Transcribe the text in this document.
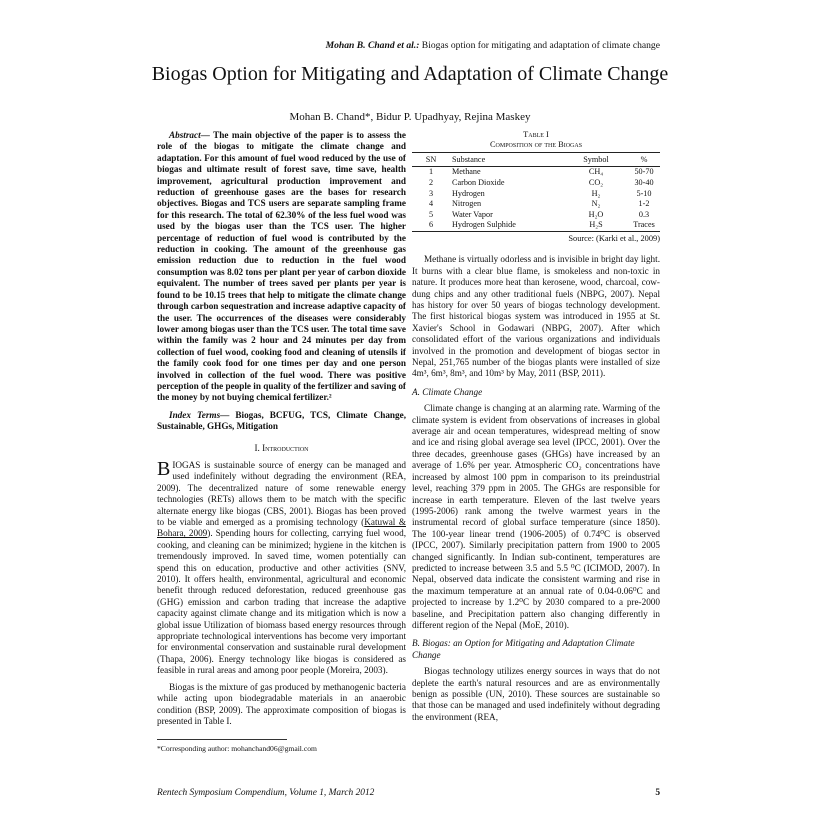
Mohan B. Chand et al.: Biogas option for mitigating and adaptation of climate change
Biogas Option for Mitigating and Adaptation of Climate Change
Mohan B. Chand*, Bidur P. Upadhyay, Rejina Maskey

Abstract— The main objective of the paper is to assess the role of the biogas to mitigate the climate change and adaptation. For this amount of fuel wood reduced by the use of biogas and ultimate result of forest save, time save, health improvement, agricultural production improvement and reduction of greenhouse gases are the bases for research objectives. Biogas and TCS users are separate sampling frame for this research. The total of 62.30% of the less fuel wood was used by the biogas user than the TCS user. The higher percentage of reduction of fuel wood is contributed by the reduction in cooking. The amount of the greenhouse gas emission reduction due to reduction in the fuel wood consumption was 8.02 tons per plant per year of carbon dioxide equivalent. The number of trees saved per plants per year is found to be 10.15 trees that help to mitigate the climate change through carbon sequestration and increase adaptive capacity of the user. The occurrences of the diseases were considerably lower among biogas user than the TCS user. The total time save within the family was 2 hour and 24 minutes per day from collection of fuel wood, cooking food and cleaning of utensils if the family cook food for one times per day and one person involved in collection of the fuel wood. There was positive perception of the people in quality of the fertilizer and saving of the money by not buying chemical fertilizer.²

Index Terms— Biogas, BCFUG, TCS, Climate Change, Sustainable, GHGs, Mitigation

I. Introduction

BIOGAS is sustainable source of energy can be managed and used indefinitely without degrading the environment (REA, 2009). The decentralized nature of some renewable energy technologies (RETs) allows them to be match with the specific alternate energy like biogas (CBS, 2001). Biogas has been proved to be viable and emerged as a promising technology (Katuwal & Bohara, 2009). Spending hours for collecting, carrying fuel wood, cooking, and cleaning can be minimized; hygiene in the kitchen is tremendously improved. In saved time, women potentially can spend this on education, productive and other activities (SNV, 2010). It offers health, environmental, agricultural and economic benefit through reduced deforestation, reduced greenhouse gas (GHG) emission and carbon trading that increase the adaptive capacity against climate change and its mitigation which is now a global issue Utilization of biomass based energy resources through appropriate technological interventions has become very important for environmental conservation and sustainable rural development (Thapa, 2006). Energy technology like biogas is considered as feasible in rural areas and among poor people (Moreira, 2003).

Biogas is the mixture of gas produced by methanogenic bacteria while acting upon biodegradable materials in an anaerobic condition (BSP, 2009). The approximate composition of biogas is presented in Table I.

*Corresponding author: mohanchand06@gmail.com
Table I
Composition of the Biogas
SN	Substance	Symbol	%
1	Methane	CH₄	50-70
2	Carbon Dioxide	CO₂	30-40
3	Hydrogen	H₂	5-10
4	Nitrogen	N₂	1-2
5	Water Vapor	H₂O	0.3
6	Hydrogen Sulphide	H₂S	Traces
Source: (Karki et al., 2009)

Methane is virtually odorless and is invisible in bright day light. It burns with a clear blue flame, is smokeless and non-toxic in nature. It produces more heat than kerosene, wood, charcoal, cow-dung chips and any other traditional fuels (NBPG, 2007). Nepal has history for over 50 years of biogas technology development. The first historical biogas system was introduced in 1955 at St. Xavier's School in Godawari (NBPG, 2007). After which consolidated effort of the various organizations and individuals involved in the promotion and development of biogas sector in Nepal, 251,765 number of the biogas plants were installed of size 4m³, 6m³, 8m³, and 10m³ by May, 2011 (BSP, 2011).

A. Climate Change

Climate change is changing at an alarming rate. Warming of the climate system is evident from observations of increases in global average air and ocean temperatures, widespread melting of snow and ice and rising global average sea level (IPCC, 2001). Over the three decades, greenhouse gases (GHGs) have increased by an average of 1.6% per year. Atmospheric CO₂ concentrations have increased by almost 100 ppm in comparison to its preindustrial level, reaching 379 ppm in 2005. The GHGs are responsible for increase in earth temperature. Eleven of the last twelve years (1995-2006) rank among the twelve warmest years in the instrumental record of global surface temperature (since 1850). The 100-year linear trend (1906-2005) of 0.74⁰C is observed (IPCC, 2007). Similarly precipitation pattern from 1900 to 2005 changed significantly. In Indian sub-continent, temperatures are predicted to increase between 3.5 and 5.5 ⁰C (ICIMOD, 2007). In Nepal, observed data indicate the consistent warming and rise in the maximum temperature at an annual rate of 0.04-0.06⁰C and projected to increase by 1.2⁰C by 2030 compared to a pre-2000 baseline, and Precipitation pattern also changing differently in different region of the Nepal (MoE, 2010).

B. Biogas: an Option for Mitigating and Adaptation Climate Change

Biogas technology utilizes energy sources in ways that do not deplete the earth's natural resources and are as environmentally benign as possible (UN, 2010). These sources are sustainable so that those can be managed and used indefinitely without degrading the environment (REA,

Rentech Symposium Compendium, Volume 1, March 2012	5
